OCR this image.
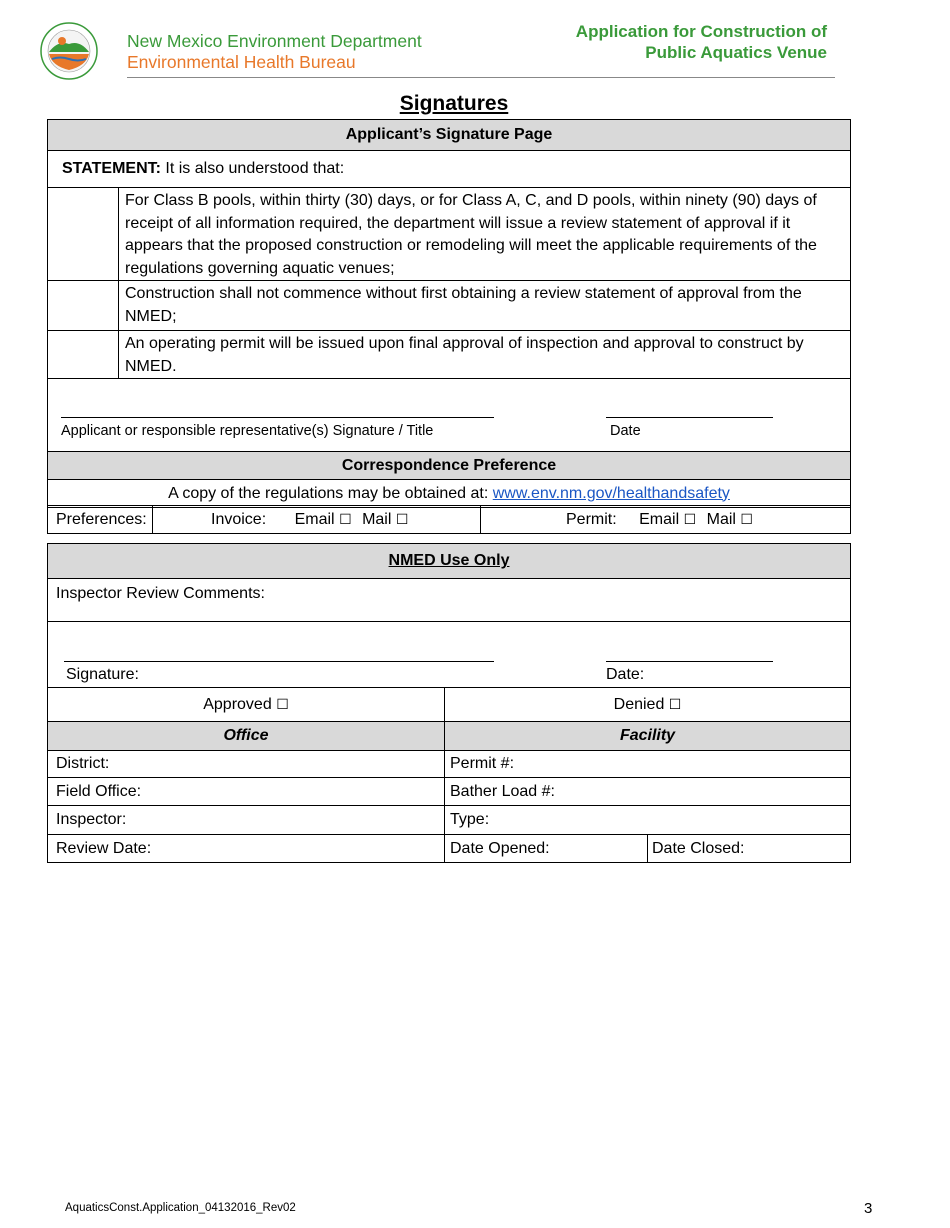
New Mexico Environment Department
Environmental Health Bureau
Application for Construction of
Public Aquatics Venue
Signatures
Applicant’s Signature Page	
STATEMENT: It is also understood that:	
	For Class B pools, within thirty (30) days, or for Class A, C, and D pools, within ninety (90) days of receipt of all information required, the department will issue a review statement of approval if it appears that the proposed construction or remodeling will meet the applicable requirements of the regulations governing aquatic venues;
	Construction shall not commence without first obtaining a review statement of approval from the NMED;
	An operating permit will be issued upon final approval of inspection and approval to construct by NMED.

Applicant or responsible representative(s) Signature / Title Date	

Correspondence Preference	
A copy of the regulations may be obtained at: www.env.nm.gov/healthandsafety	
Preferences:	Invoice: Email ☐ Mail ☐	Permit: Email ☐ Mail ☐
NMED Use Only		
Inspector Review Comments:		

Signature: Date:		

Approved ☐	Denied ☐	
Office	Facility	
District:	Permit #:	
Field Office:	Bather Load #:	
Inspector:	Type:	
Review Date:	Date Opened:	Date Closed:
AquaticsConst.Application_04132016_Rev02	3
